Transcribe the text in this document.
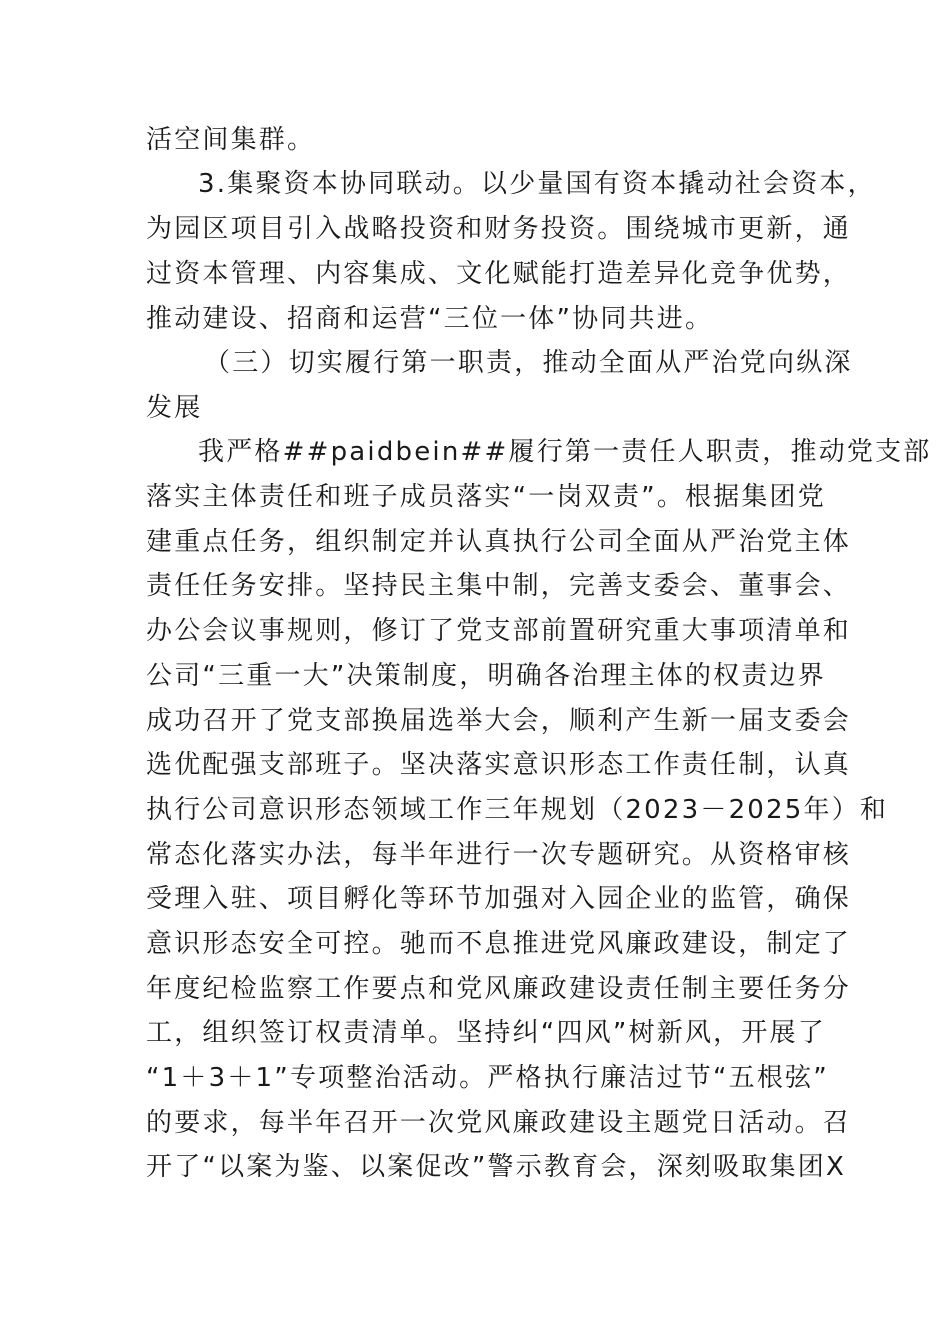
活空间集群。
3.集聚资本协同联动。以少量国有资本撬动社会资本，
为园区项目引入战略投资和财务投资。围绕城市更新，通
过资本管理、内容集成、文化赋能打造差异化竞争优势，
推动建设、招商和运营“三位一体”协同共进。
（三）切实履行第一职责，推动全面从严治党向纵深
发展
我严格##paidbein##履行第一责任人职责，推动党支部
落实主体责任和班子成员落实“一岗双责”。根据集团党
建重点任务，组织制定并认真执行公司全面从严治党主体
责任任务安排。坚持民主集中制，完善支委会、董事会、
办公会议事规则，修订了党支部前置研究重大事项清单和
公司“三重一大”决策制度，明确各治理主体的权责边界
成功召开了党支部换届选举大会，顺利产生新一届支委会
选优配强支部班子。坚决落实意识形态工作责任制，认真
执行公司意识形态领域工作三年规划（2023－2025年）和
常态化落实办法，每半年进行一次专题研究。从资格审核
受理入驻、项目孵化等环节加强对入园企业的监管，确保
意识形态安全可控。驰而不息推进党风廉政建设，制定了
年度纪检监察工作要点和党风廉政建设责任制主要任务分
工，组织签订权责清单。坚持纠“四风”树新风，开展了
“1＋3＋1”专项整治活动。严格执行廉洁过节“五根弦”
的要求，每半年召开一次党风廉政建设主题党日活动。召
开了“以案为鉴、以案促改”警示教育会，深刻吸取集团X
